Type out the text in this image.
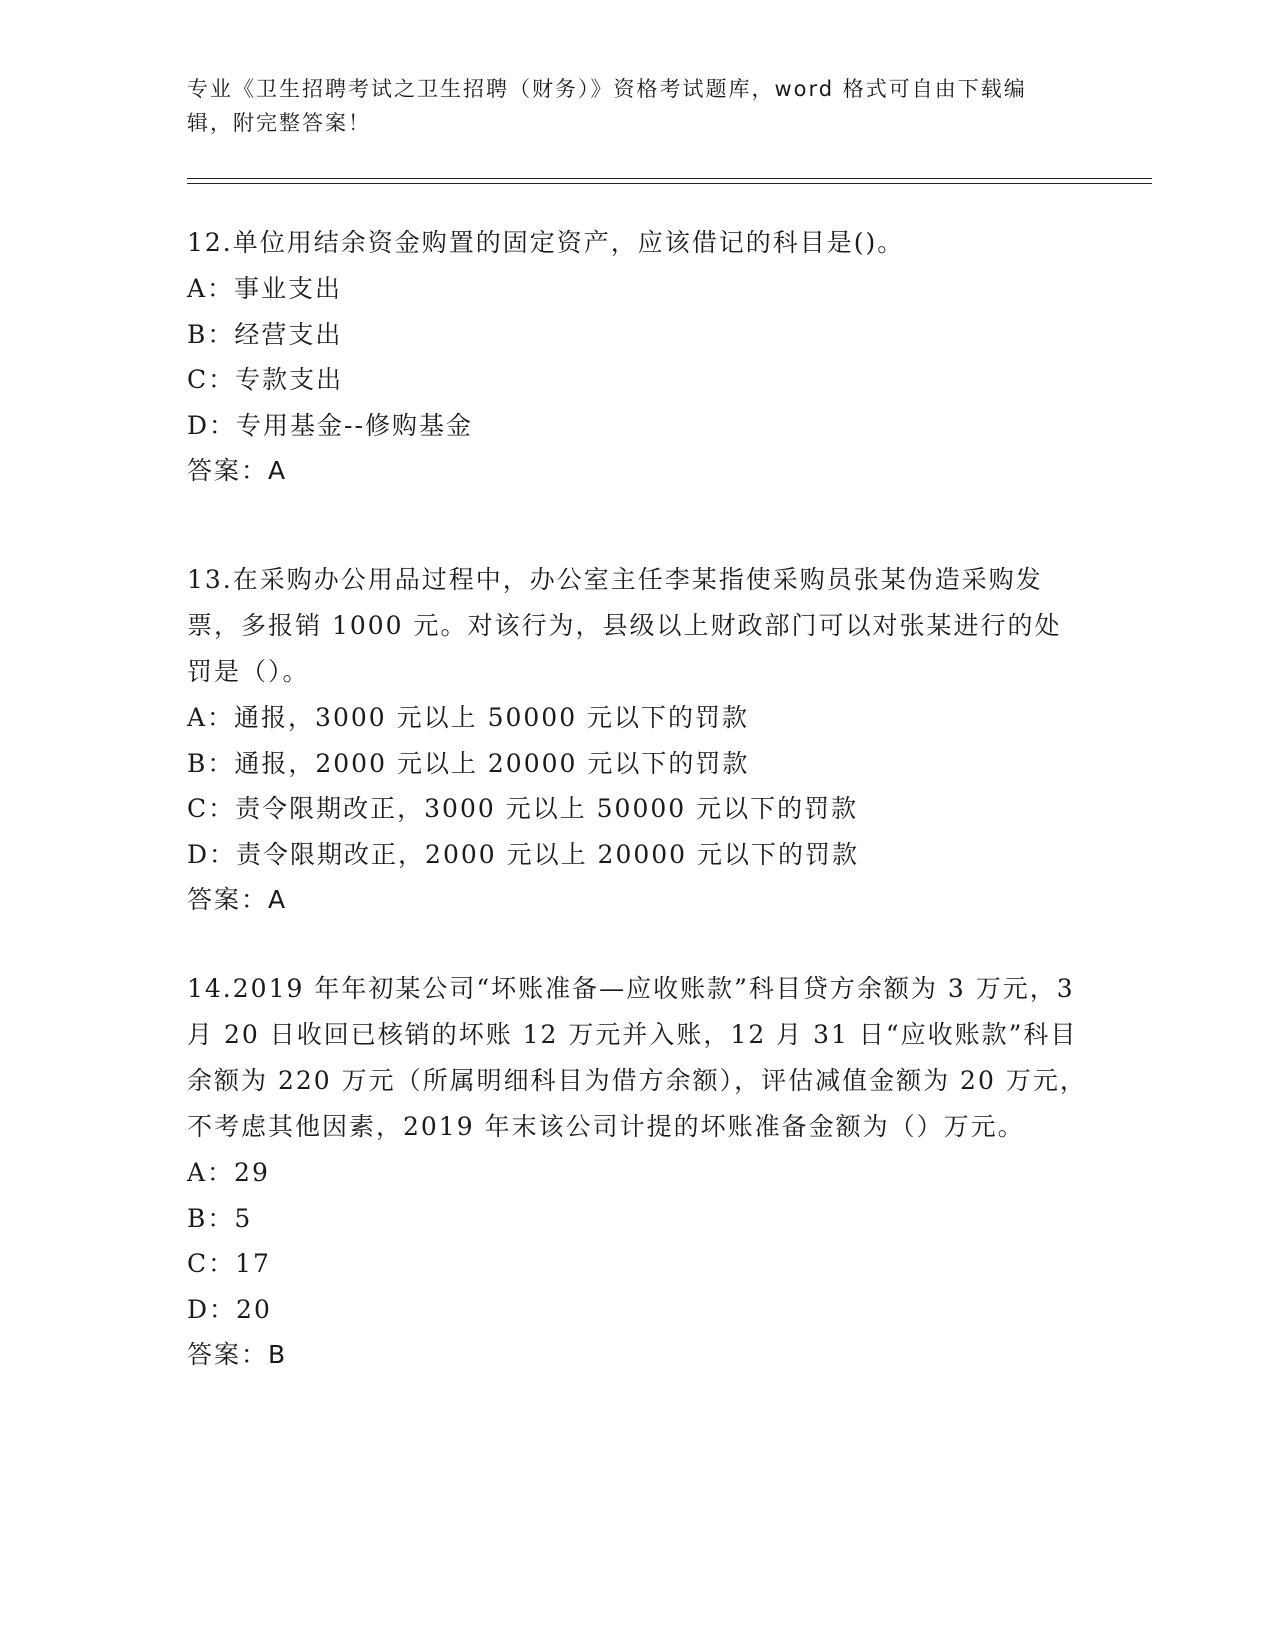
专业《卫生招聘考试之卫生招聘（财务）》资格考试题库，word 格式可自由下载编辑，附完整答案！

12.单位用结余资金购置的固定资产，应该借记的科目是()。

A：事业支出

B：经营支出

C：专款支出

D：专用基金--修购基金

答案：A

13.在采购办公用品过程中，办公室主任李某指使采购员张某伪造采购发票，多报销 1000 元。对该行为，县级以上财政部门可以对张某进行的处罚是（）。

A：通报，3000 元以上 50000 元以下的罚款

B：通报，2000 元以上 20000 元以下的罚款

C：责令限期改正，3000 元以上 50000 元以下的罚款

D：责令限期改正，2000 元以上 20000 元以下的罚款

答案：A

14.2019 年年初某公司“坏账准备—应收账款”科目贷方余额为 3 万元，3 月 20 日收回已核销的坏账 12 万元并入账，12 月 31 日“应收账款”科目余额为 220 万元（所属明细科目为借方余额），评估减值金额为 20 万元，不考虑其他因素，2019 年末该公司计提的坏账准备金额为（）万元。

A：29

B：5

C：17

D：20

答案：B
